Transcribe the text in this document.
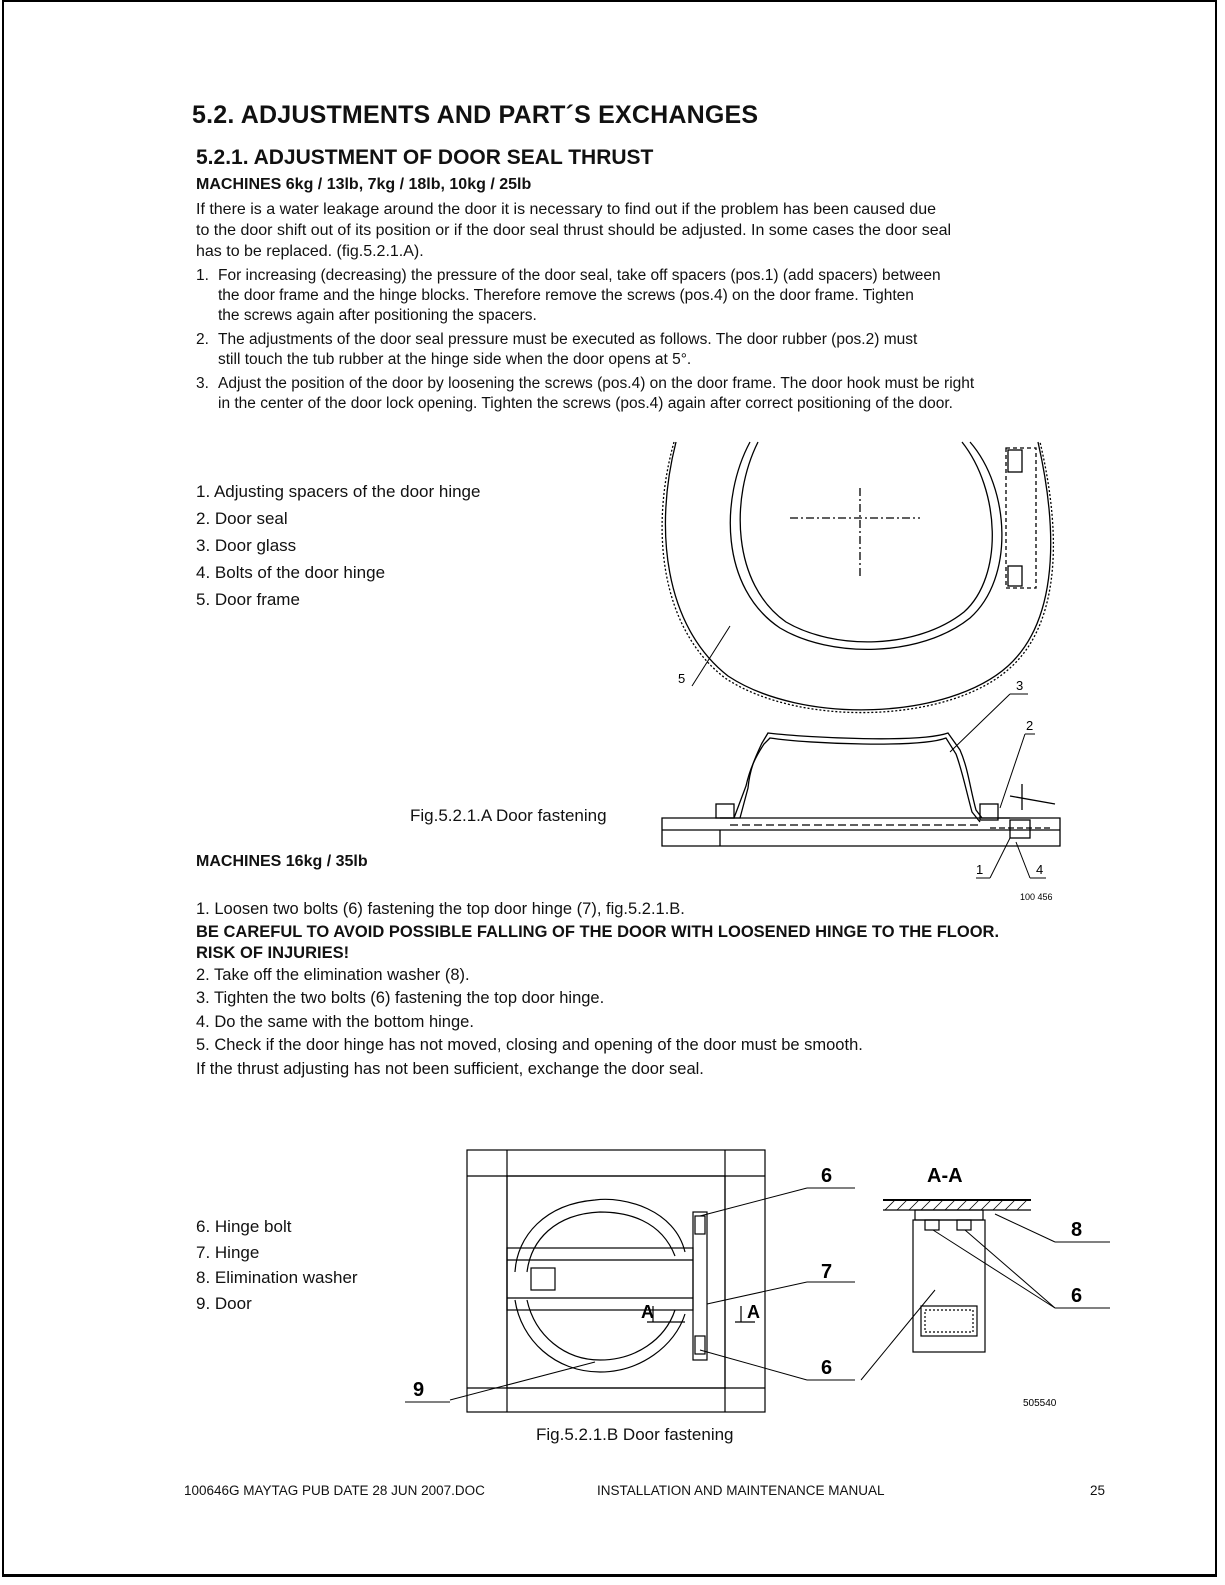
5.2. ADJUSTMENTS AND PART´S EXCHANGES
5.2.1. ADJUSTMENT OF DOOR SEAL THRUST
MACHINES 6kg / 13lb, 7kg / 18lb, 10kg / 25lb
If there is a water leakage around the door it is necessary to find out if the problem has been caused due
to the door shift out of its position or if the door seal thrust should be adjusted. In some cases the door seal
has to be replaced. (fig.5.2.1.A).
1. For increasing (decreasing) the pressure of the door seal, take off spacers (pos.1) (add spacers) between
the door frame and the hinge blocks. Therefore remove the screws (pos.4) on the door frame. Tighten
the screws again after positioning the spacers.
2. The adjustments of the door seal pressure must be executed as follows. The door rubber (pos.2) must
still touch the tub rubber at the hinge side when the door opens at 5°.
3. Adjust the position of the door by loosening the screws (pos.4) on the door frame. The door hook must be right
in the center of the door lock opening. Tighten the screws (pos.4) again after correct positioning of the door.
1. Adjusting spacers of the door hinge
2. Door seal
3. Door glass
4. Bolts of the door hinge
5. Door frame
5	3
2
1	4
100 456
Fig.5.2.1.A Door fastening
MACHINES 16kg / 35lb
1. Loosen two bolts (6) fastening the top door hinge (7), fig.5.2.1.B.
BE CAREFUL TO AVOID POSSIBLE FALLING OF THE DOOR WITH LOOSENED HINGE TO THE FLOOR.
RISK OF INJURIES!
2. Take off the elimination washer (8).
3. Tighten the two bolts (6) fastening the top door hinge.
4. Do the same with the bottom hinge.
5. Check if the door hinge has not moved, closing and opening of the door must be smooth.
If the thrust adjusting has not been sufficient, exchange the door seal.
6. Hinge bolt
7. Hinge
8. Elimination washer
9. Door
A-A
6
7
6
8
6
9
A	A
505540
Fig.5.2.1.B Door fastening
100646G MAYTAG PUB DATE 28 JUN 2007.DOC	INSTALLATION AND MAINTENANCE MANUAL	25
